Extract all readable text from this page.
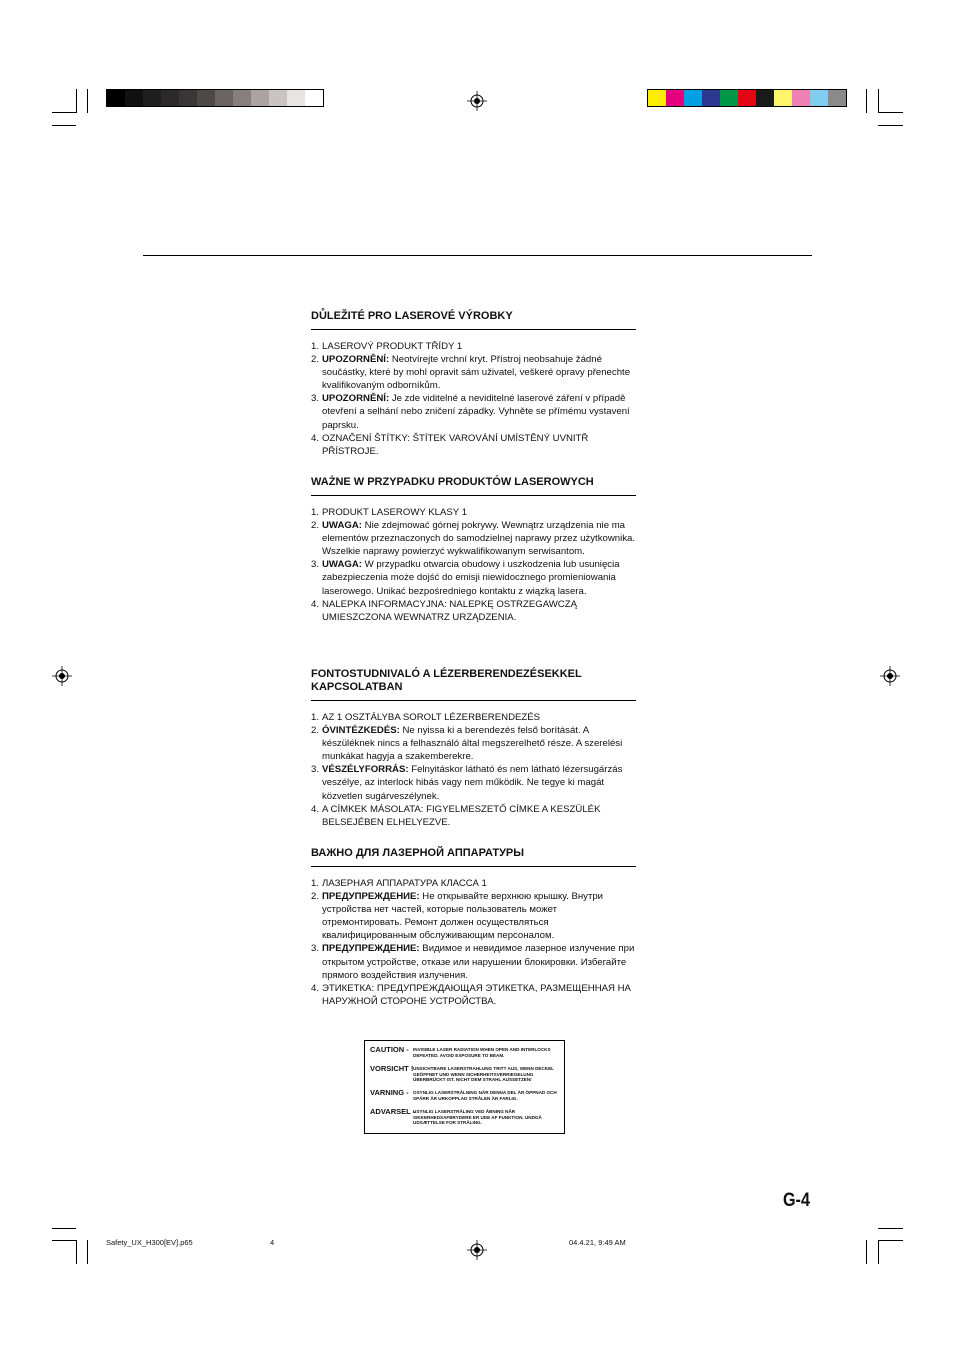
DŮLEŽITÉ PRO LASEROVÉ VÝROBKY
1. LASEROVÝ PRODUKT TŘÍDY 1
2. UPOZORNĚNÍ: Neotvírejte vrchní kryt. Přístroj neobsahuje žádné součástky, které by mohl opravit sám uživatel, veškeré opravy přenechte kvalifikovaným odborníkům.
3. UPOZORNĚNÍ: Je zde viditelné a neviditelné laserové záření v případě otevření a selhání nebo zničení západky. Vyhněte se přímému vystavení paprsku.
4. OZNAČENÍ ŠTÍTKY: ŠTÍTEK VAROVÁNÍ UMÍSTĚNÝ UVNITŘ PŘÍSTROJE.
WAŻNE W PRZYPADKU PRODUKTÓW LASEROWYCH
1. PRODUKT LASEROWY KLASY 1
2. UWAGA: Nie zdejmować górnej pokrywy. Wewnątrz urządzenia nie ma elementów przeznaczonych do samodzielnej naprawy przez użytkownika. Wszelkie naprawy powierzyć wykwalifikowanym serwisantom.
3. UWAGA: W przypadku otwarcia obudowy i uszkodzenia lub usunięcia zabezpieczenia może dojść do emisji niewidocznego promieniowania laserowego. Unikać bezpośredniego kontaktu z wiązką lasera.
4. NALEPKA INFORMACYJNA: NALEPKĘ OSTRZEGAWCZĄ UMIESZCZONA WEWNATRZ URZĄDZENIA.
FONTOSTUDNIVALÓ A LÉZERBERENDEZÉSEKKEL KAPCSOLATBAN
1. AZ 1 OSZTÁLYBA SOROLT LÉZERBERENDEZÉS
2. ÓVINTÉZKEDÉS: Ne nyissa ki a berendezés felső borítását. A készüléknek nincs a felhasználó által megszerelhető része. A szerelési munkákat hagyja a szakemberekre.
3. VÉSZÉLYFORRÁS: Felnyitáskor látható és nem látható lézersugárzás veszélye, az interlock hibás vagy nem működik. Ne tegye ki magát közvetlen sugárveszélynek.
4. A CÍMKEK MÁSOLATA: FIGYELMESZETŐ CÍMKE A KESZÜLÉK BELSEJÉBEN ELHELYEZVE.
ВАЖНО ДЛЯ ЛАЗЕРНОЙ АППАРАТУРЫ
1. ЛАЗЕРНАЯ АППАРАТУРА КЛАССА 1
2. ПРЕДУПРЕЖДЕНИЕ: Не открывайте верхнюю крышку. Внутри устройства нет частей, которые пользователь может отремонтировать. Ремонт должен осуществляться квалифицированным обслуживающим персоналом.
3. ПРЕДУПРЕЖДЕНИЕ: Видимое и невидимое лазерное излучение при открытом устройстве, отказе или нарушении блокировки. Избегайте прямого воздействия излучения.
4. ЭТИКЕТКА: ПРЕДУПРЕЖДАЮЩАЯ ЭТИКЕТКА, РАЗМЕЩЕННАЯ НА НАРУЖНОЙ СТОРОНЕ УСТРОЙСТВА.
CAUTION - INVISIBLE LASER RADIATION WHEN OPEN AND INTERLOCKS DEFEATED. AVOID EXPOSURE TO BEAM.
VORSICHT ! UNSICHTBARE LASERSTRAHLUNG TRITT AUS, WENN DECKEL GEÖFFNET UND WENN SICHERHEITSVERRIEGELUNG ÜBERBRÜCKT IST. NICHT DEM STRAHL AUSSETZEN!
VARNING - OSYNLIG LASERSTRÅLNING NÄR DENNA DEL ÄR ÖPPNAD OCH SPÄRR ÄR URKOPPLAD STRÅLEN ÄR FARLIG.
ADVARSEL -
USYNLIG LASERSTRÅLING VED ÅBNING NÅR SIKKERHEDSAFBRYDERE ER UDE AF FUNKTION. UNDGÅ UDSÆTTELSE FOR STRÅLING.
G-4
Safety_UX_H300[EV].p65	4	04.4.21, 9:49 AM
